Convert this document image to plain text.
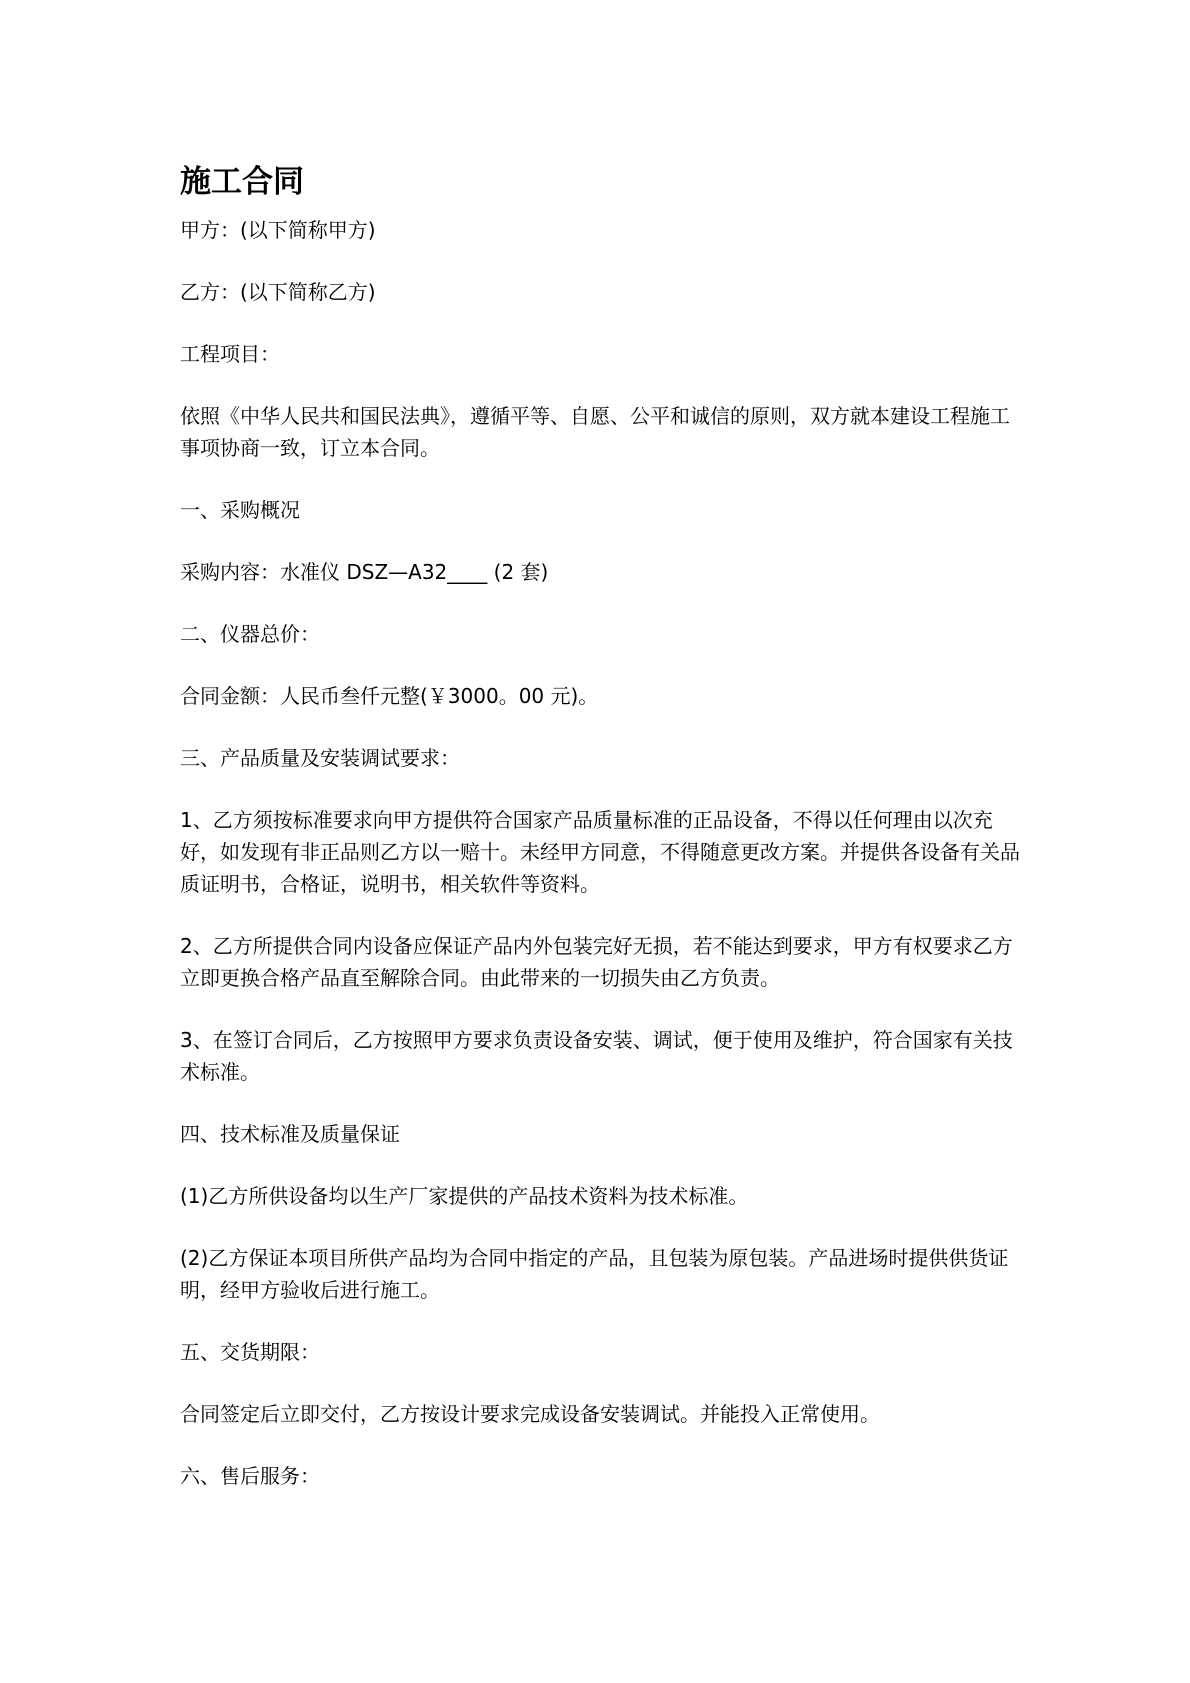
施工合同

甲方：(以下简称甲方)

乙方：(以下简称乙方)

工程项目：

依照《中华人民共和国民法典》，遵循平等、自愿、公平和诚信的原则，双方就本建设工程施工事项协商一致，订立本合同。

一、采购概况

采购内容：水准仪 DSZ—A32____ (2 套)

二、仪器总价：

合同金额：人民币叁仟元整(￥3000。00 元)。

三、产品质量及安装调试要求：

1、乙方须按标准要求向甲方提供符合国家产品质量标准的正品设备，不得以任何理由以次充好，如发现有非正品则乙方以一赔十。未经甲方同意，不得随意更改方案。并提供各设备有关品质证明书，合格证，说明书，相关软件等资料。

2、乙方所提供合同内设备应保证产品内外包装完好无损，若不能达到要求，甲方有权要求乙方立即更换合格产品直至解除合同。由此带来的一切损失由乙方负责。

3、在签订合同后，乙方按照甲方要求负责设备安装、调试，便于使用及维护，符合国家有关技术标准。

四、技术标准及质量保证

(1)乙方所供设备均以生产厂家提供的产品技术资料为技术标准。

(2)乙方保证本项目所供产品均为合同中指定的产品，且包装为原包装。产品进场时提供供货证明，经甲方验收后进行施工。

五、交货期限：

合同签定后立即交付，乙方按设计要求完成设备安装调试。并能投入正常使用。

六、售后服务：
